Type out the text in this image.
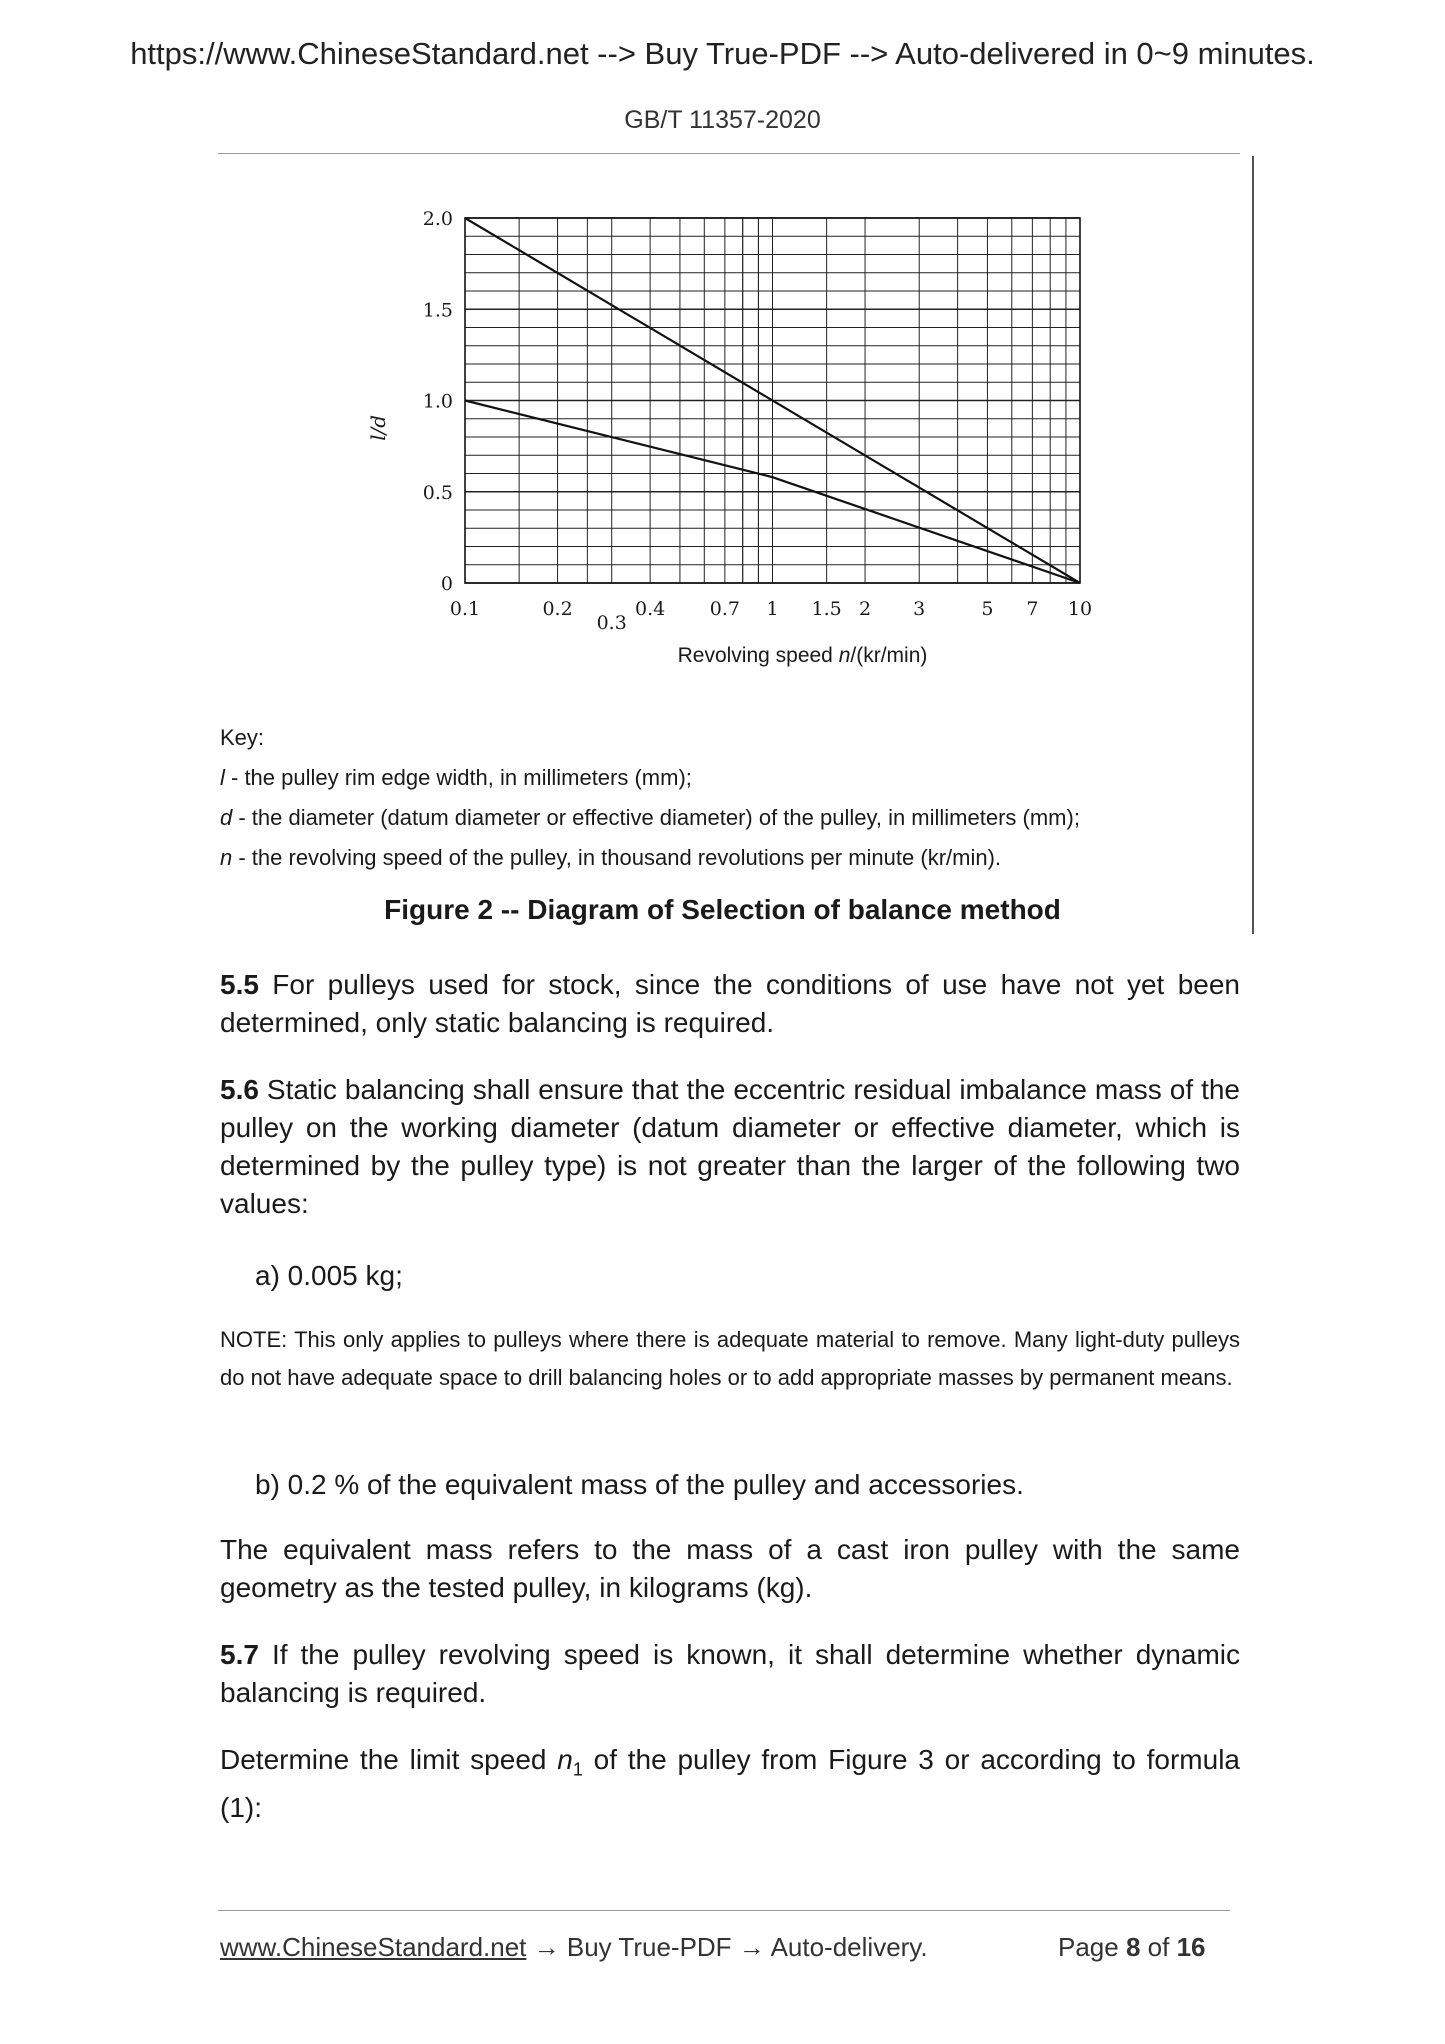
https://www.ChineseStandard.net --> Buy True-PDF --> Auto-delivered in 0~9 minutes.
GB/T 11357-2020
0
0.5
1.0
1.5
2.0
0.1	0.2
0.3
0.4 0.7 1 1.5 2 3	5 7 10
l/d
Revolving speed n/(kr/min)
Key:
l - the pulley rim edge width, in millimeters (mm);
d - the diameter (datum diameter or effective diameter) of the pulley, in millimeters (mm);
n - the revolving speed of the pulley, in thousand revolutions per minute (kr/min).
Figure 2 -- Diagram of Selection of balance method

5.5 For pulleys used for stock, since the conditions of use have not yet been determined, only static balancing is required.

5.6 Static balancing shall ensure that the eccentric residual imbalance mass of the pulley on the working diameter (datum diameter or effective diameter, which is determined by the pulley type) is not greater than the larger of the following two values:

a) 0.005 kg;

NOTE: This only applies to pulleys where there is adequate material to remove. Many light-duty pulleys do not have adequate space to drill balancing holes or to add appropriate masses by permanent means.

b) 0.2 % of the equivalent mass of the pulley and accessories.

The equivalent mass refers to the mass of a cast iron pulley with the same geometry as the tested pulley, in kilograms (kg).

5.7 If the pulley revolving speed is known, it shall determine whether dynamic balancing is required.

Determine the limit speed $n_1$ of the pulley from Figure 3 or according to formula (1):

www.ChineseStandard.net → Buy True-PDF → Auto-delivery.	Page 8 of 16
